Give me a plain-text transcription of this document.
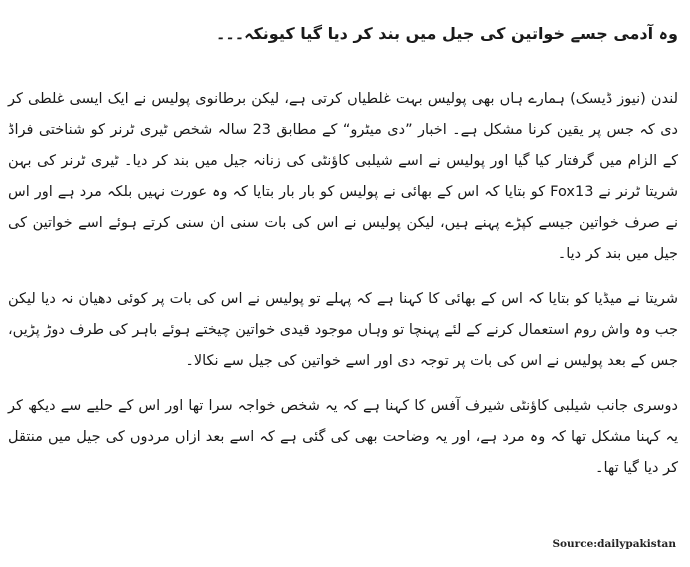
وہ آدمی جسے خواتین کی جیل میں بند کر دیا گیا کیونکہ۔۔۔

لندن (نیوز ڈیسک) ہمارے ہاں بھی پولیس بہت غلطیاں کرتی ہے، لیکن برطانوی پولیس نے ایک ایسی غلطی کر دی کہ جس پر یقین کرنا مشکل ہے۔ اخبار ”دی میٹرو“ کے مطابق 23 سالہ شخص ٹیری ٹرنر کو شناختی فراڈ کے الزام میں گرفتار کیا گیا اور پولیس نے اسے شیلبی کاؤنٹی کی زنانہ جیل میں بند کر دیا۔ ٹیری ٹرنر کی بہن شریتا ٹرنر نے Fox13 کو بتایا کہ اس کے بھائی نے پولیس کو بار بار بتایا کہ وہ عورت نہیں بلکہ مرد ہے اور اس نے صرف خواتین جیسے کپڑے پہنے ہیں، لیکن پولیس نے اس کی بات سنی ان سنی کرتے ہوئے اسے خواتین کی جیل میں بند کر دیا۔

شریتا نے میڈیا کو بتایا کہ اس کے بھائی کا کہنا ہے کہ پہلے تو پولیس نے اس کی بات پر کوئی دھیان نہ دیا لیکن جب وہ واش روم استعمال کرنے کے لئے پہنچا تو وہاں موجود قیدی خواتین چیختے ہوئے باہر کی طرف دوڑ پڑیں، جس کے بعد پولیس نے اس کی بات پر توجہ دی اور اسے خواتین کی جیل سے نکالا۔

دوسری جانب شیلبی کاؤنٹی شیرف آفس کا کہنا ہے کہ یہ شخص خواجہ سرا تھا اور اس کے حلیے سے دیکھ کر یہ کہنا مشکل تھا کہ وہ مرد ہے، اور یہ وضاحت بھی کی گئی ہے کہ اسے بعد ازاں مردوں کی جیل میں منتقل کر دیا گیا تھا۔

Source:dailypakistan
